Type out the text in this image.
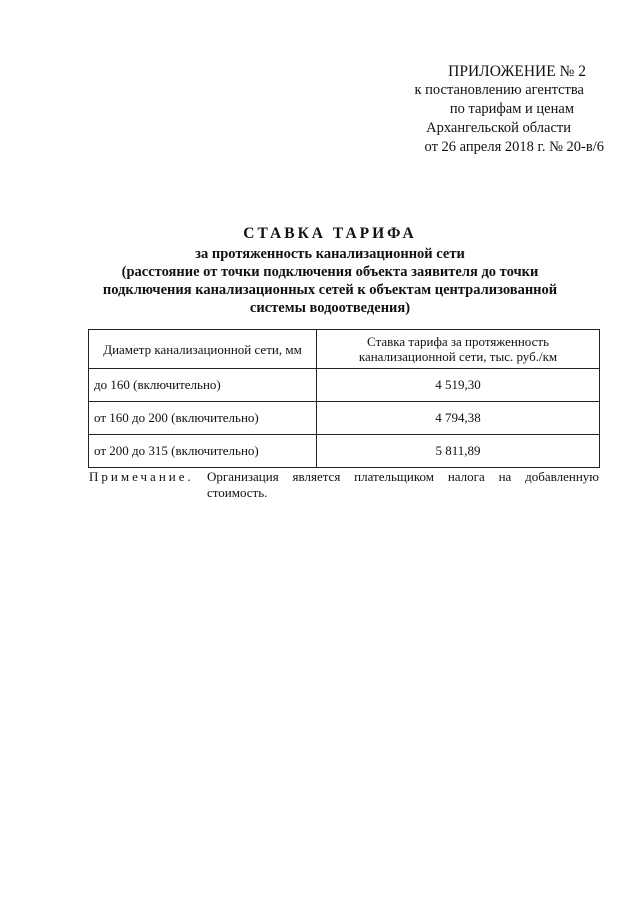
ПРИЛОЖЕНИЕ № 2
к постановлению агентства
по тарифам и ценам
Архангельской области
от 26 апреля 2018 г. № 20-в/6
СТАВКА ТАРИФА
за протяженность канализационной сети
(расстояние от точки подключения объекта заявителя до точки
подключения канализационных сетей к объектам централизованной
системы водоотведения)
Диаметр канализационной сети, мм	Ставка тарифа за протяженность канализационной сети, тыс. руб./км
до 160 (включительно)	4 519,30
от 160 до 200 (включительно)	4 794,38
от 200 до 315 (включительно)	5 811,89
Примечание.	Организация является плательщиком налога на добавленную
стоимость.
